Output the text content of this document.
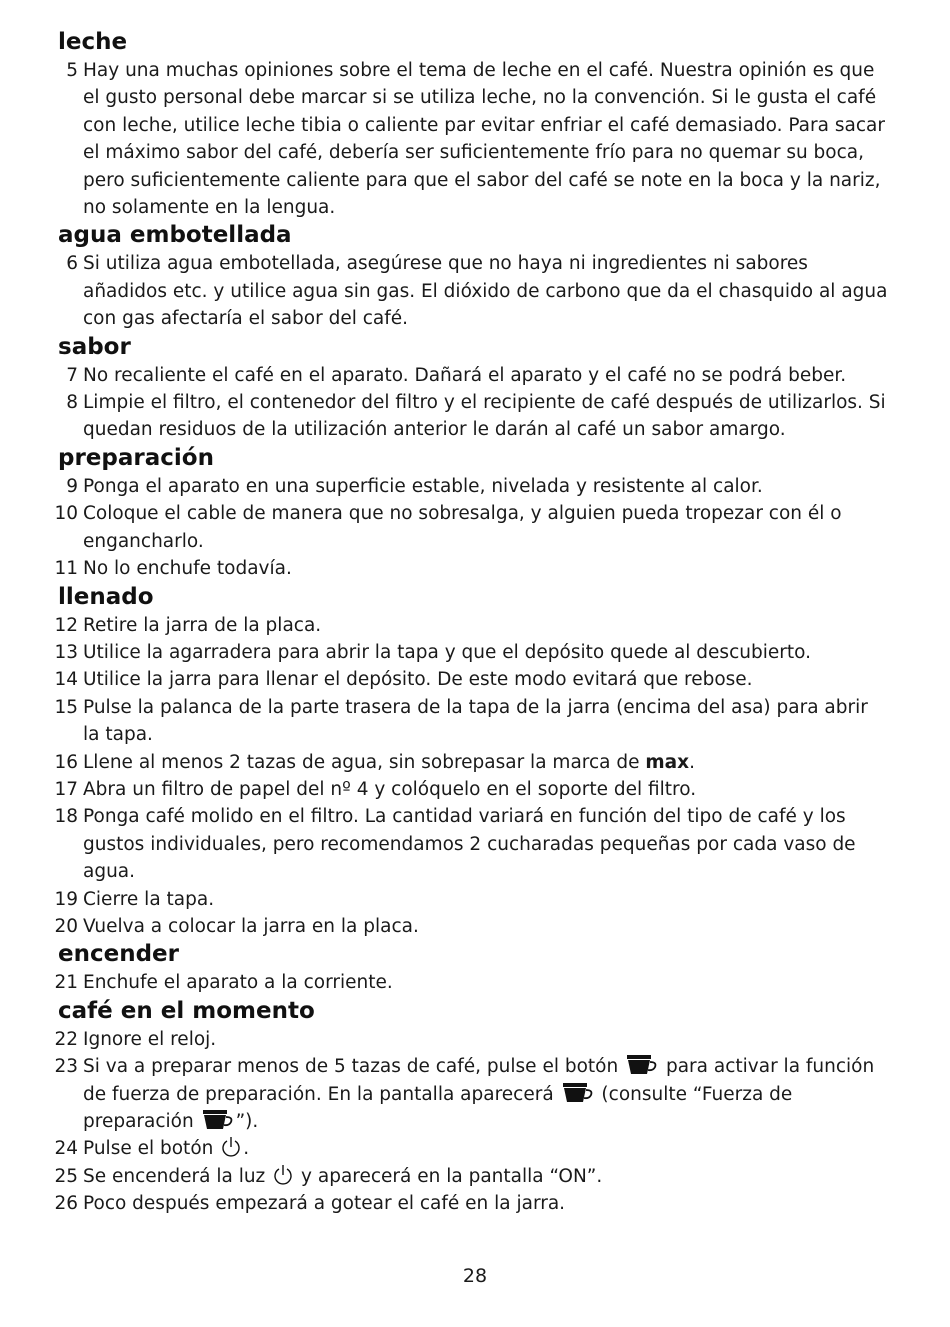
leche
5 Hay una muchas opiniones sobre el tema de leche en el café. Nuestra opinión es que el gusto personal debe marcar si se utiliza leche, no la convención. Si le gusta el café con leche, utilice leche tibia o caliente par evitar enfriar el café demasiado. Para sacar el máximo sabor del café, debería ser suficientemente frío para no quemar su boca, pero suficientemente caliente para que el sabor del café se note en la boca y la nariz, no solamente en la lengua.
agua embotellada
6 Si utiliza agua embotellada, asegúrese que no haya ni ingredientes ni sabores añadidos etc. y utilice agua sin gas. El dióxido de carbono que da el chasquido al agua con gas afectaría el sabor del café.
sabor
7 No recaliente el café en el aparato. Dañará el aparato y el café no se podrá beber.
8 Limpie el filtro, el contenedor del filtro y el recipiente de café después de utilizarlos. Si quedan residuos de la utilización anterior le darán al café un sabor amargo.
preparación
9 Ponga el aparato en una superficie estable, nivelada y resistente al calor.
10 Coloque el cable de manera que no sobresalga, y alguien pueda tropezar con él o engancharlo.
11 No lo enchufe todavía.
llenado
12 Retire la jarra de la placa.
13 Utilice la agarradera para abrir la tapa y que el depósito quede al descubierto.
14 Utilice la jarra para llenar el depósito. De este modo evitará que rebose.
15 Pulse la palanca de la parte trasera de la tapa de la jarra (encima del asa) para abrir la tapa.
16 Llene al menos 2 tazas de agua, sin sobrepasar la marca de max.
17 Abra un filtro de papel del nº 4 y colóquelo en el soporte del filtro.
18 Ponga café molido en el filtro. La cantidad variará en función del tipo de café y los gustos individuales, pero recomendamos 2 cucharadas pequeñas por cada vaso de agua.
19 Cierre la tapa.
20 Vuelva a colocar la jarra en la placa.
encender
21 Enchufe el aparato a la corriente.
café en el momento
22 Ignore el reloj.
23 Si va a preparar menos de 5 tazas de café, pulse el botón
para activar la función de fuerza de preparación. En la pantalla aparecerá
(consulte “Fuerza de preparación
”).
24 Pulse el botón
.
25 Se encenderá la luz
y aparecerá en la pantalla “ON”.
26 Poco después empezará a gotear el café en la jarra.
28
